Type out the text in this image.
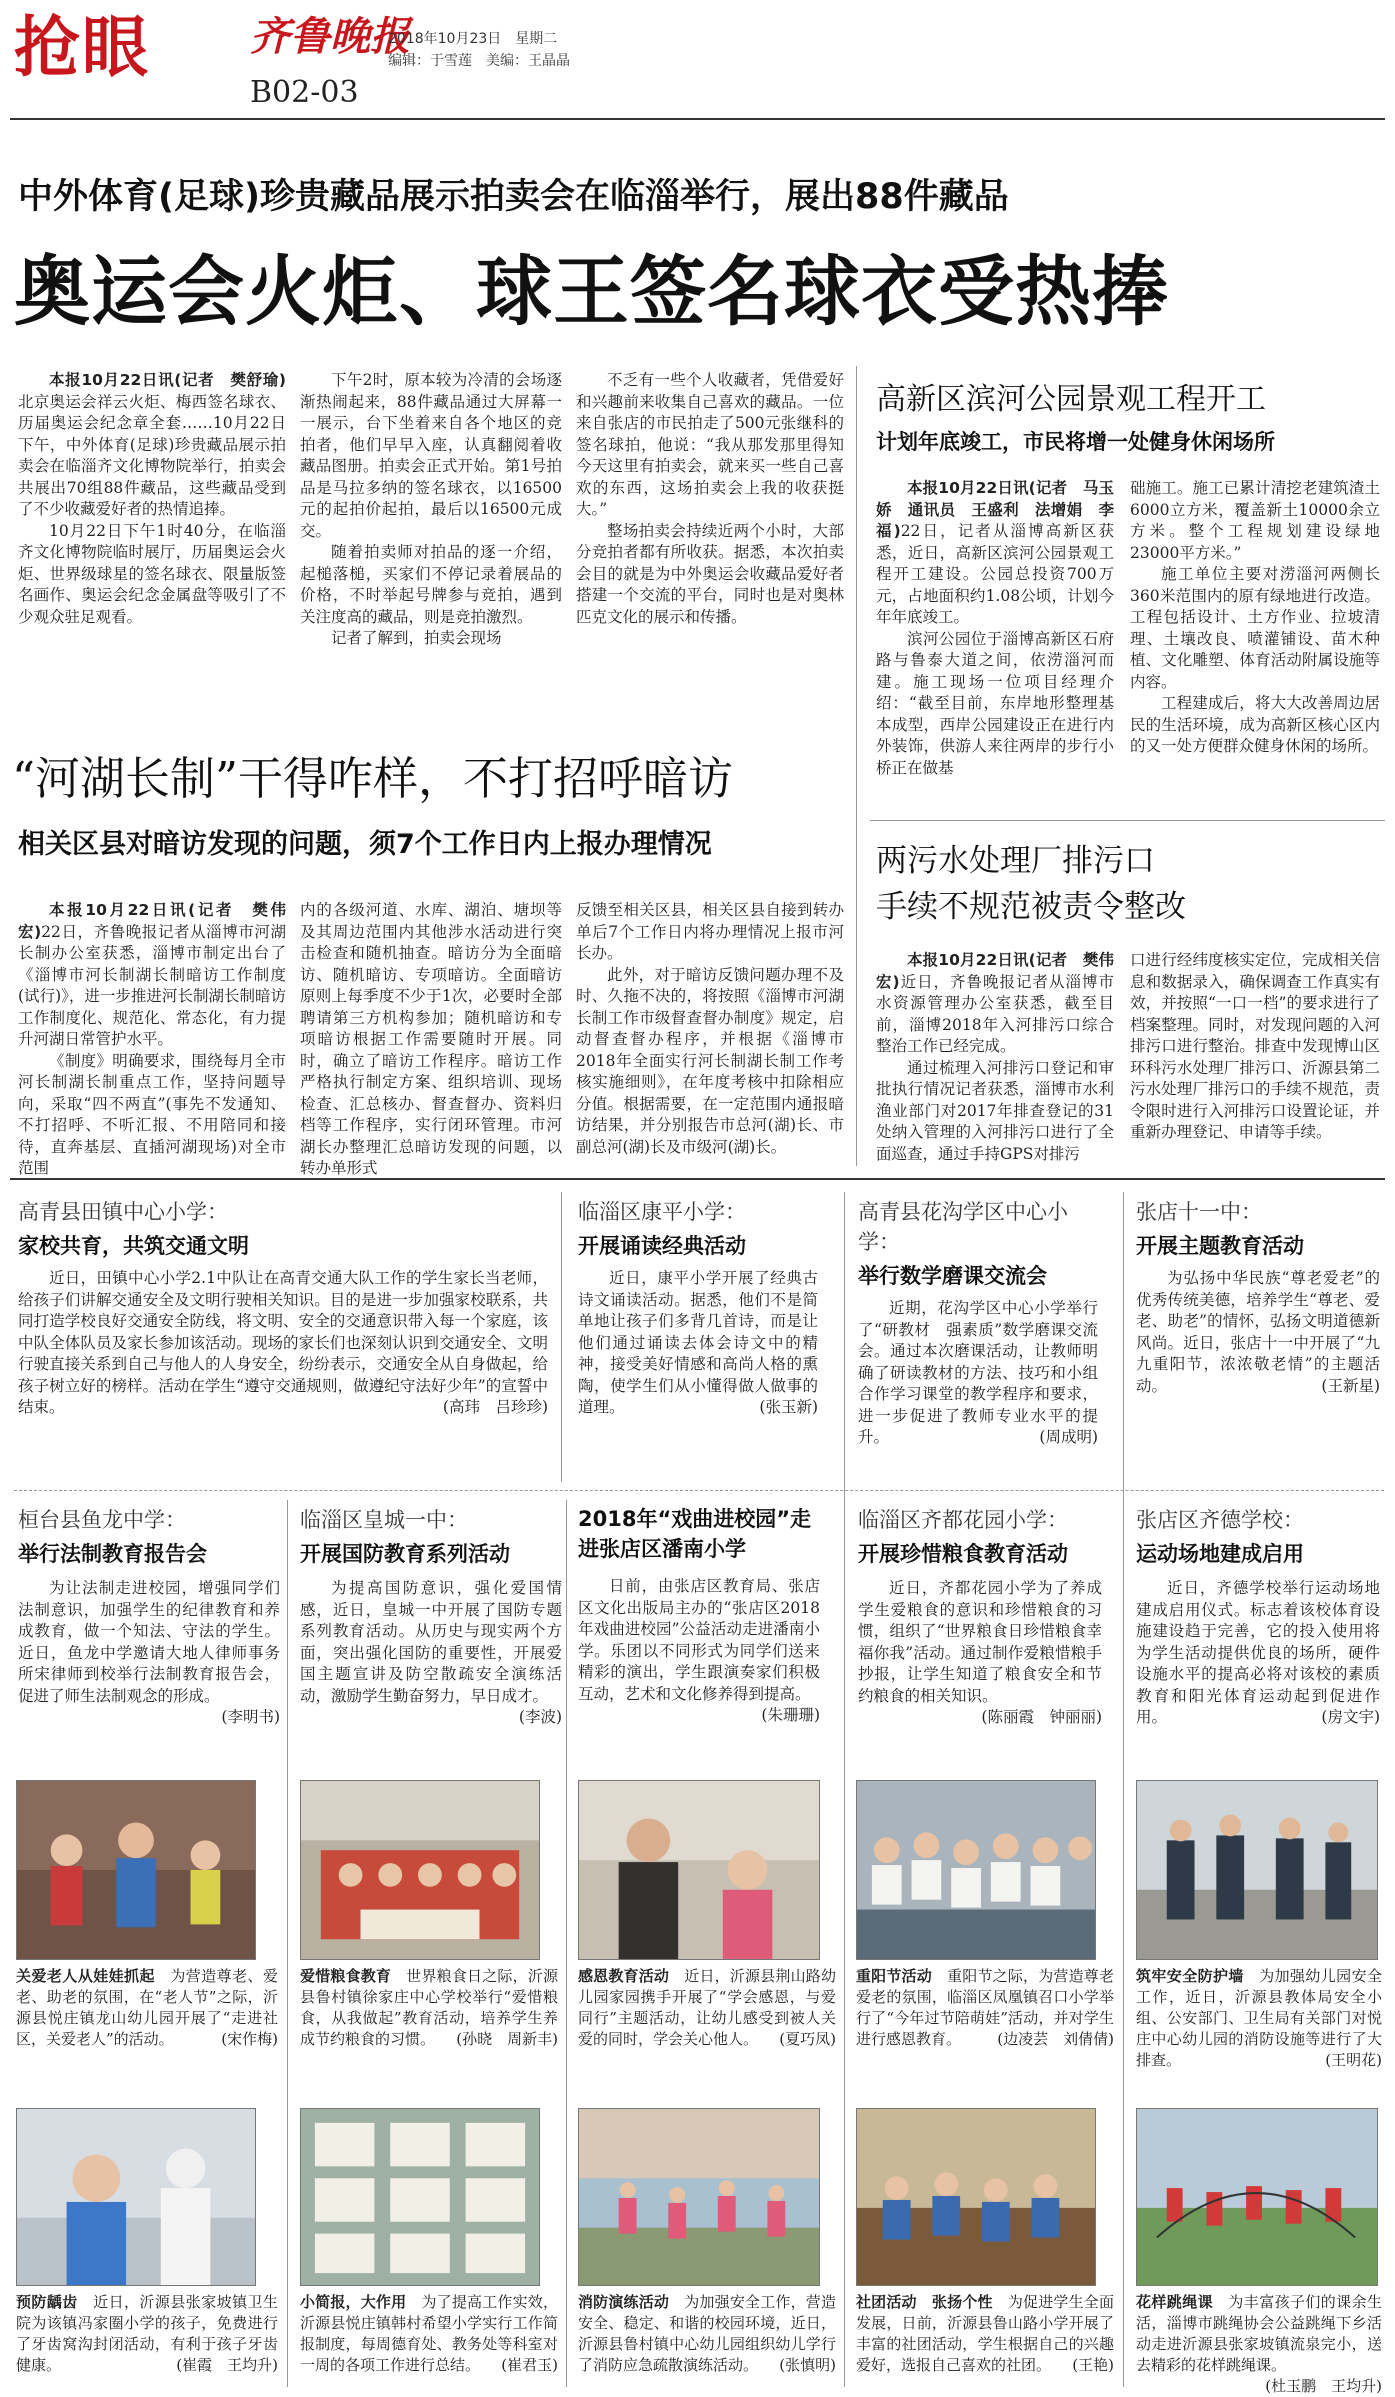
抢眼	齐鲁晚报
B02-03
2018年10月23日　 星期二
编辑：于雪莲　 美编：王晶晶
中外体育(足球)珍贵藏品展示拍卖会在临淄举行，展出88件藏品
奥运会火炬、球王签名球衣受热捧

本报10月22日讯(记者　樊舒瑜)北京奥运会祥云火炬、梅西签名球衣、历届奥运会纪念章全套……10月22日下午，中外体育(足球)珍贵藏品展示拍卖会在临淄齐文化博物院举行，拍卖会共展出70组88件藏品，这些藏品受到了不少收藏爱好者的热情追捧。

10月22日下午1时40分，在临淄齐文化博物院临时展厅，历届奥运会火炬、世界级球星的签名球衣、限量版签名画作、奥运会纪念金属盘等吸引了不少观众驻足观看。

下午2时，原本较为冷清的会场逐渐热闹起来，88件藏品通过大屏幕一一展示，台下坐着来自各个地区的竞拍者，他们早早入座，认真翻阅着收藏品图册。拍卖会正式开始。第1号拍品是马拉多纳的签名球衣，以16500元的起拍价起拍，最后以16500元成交。

随着拍卖师对拍品的逐一介绍，起槌落槌，买家们不停记录着展品的价格，不时举起号牌参与竞拍，遇到关注度高的藏品，则是竞拍激烈。

记者了解到，拍卖会现场

不乏有一些个人收藏者，凭借爱好和兴趣前来收集自己喜欢的藏品。一位来自张店的市民拍走了500元张继科的签名球拍，他说：“我从那发那里得知今天这里有拍卖会，就来买一些自己喜欢的东西，这场拍卖会上我的收获挺大。”

整场拍卖会持续近两个小时，大部分竞拍者都有所收获。据悉，本次拍卖会目的就是为中外奥运会收藏品爱好者搭建一个交流的平台，同时也是对奥林匹克文化的展示和传播。

高新区滨河公园景观工程开工
计划年底竣工，市民将增一处健身休闲场所

本报10月22日讯(记者　马玉娇　通讯员　王盛利　法增娟　李福)22日，记者从淄博高新区获悉，近日，高新区滨河公园景观工程开工建设。公园总投资700万元，占地面积约1.08公顷，计划今年年底竣工。

滨河公园位于淄博高新区石府路与鲁泰大道之间，依涝淄河而建。施工现场一位项目经理介绍：“截至目前，东岸地形整理基本成型，西岸公园建设正在进行内外装饰，供游人来往两岸的步行小桥正在做基

础施工。施工已累计清挖老建筑渣土6000立方米，覆盖新土10000余立方米。整个工程规划建设绿地23000平方米。”

施工单位主要对涝淄河两侧长360米范围内的原有绿地进行改造。工程包括设计、土方作业、拉坡清理、土壤改良、喷灌铺设、苗木种植、文化雕塑、体育活动附属设施等内容。

工程建成后，将大大改善周边居民的生活环境，成为高新区核心区内的又一处方便群众健身休闲的场所。

“河湖长制”干得咋样，不打招呼暗访
相关区县对暗访发现的问题，须7个工作日内上报办理情况

本报10月22日讯(记者　樊伟宏)22日，齐鲁晚报记者从淄博市河湖长制办公室获悉，淄博市制定出台了《淄博市河长制湖长制暗访工作制度(试行)》，进一步推进河长制湖长制暗访工作制度化、规范化、常态化，有力提升河湖日常管护水平。

《制度》明确要求，围绕每月全市河长制湖长制重点工作，坚持问题导向，采取“四不两直”(事先不发通知、不打招呼、不听汇报、不用陪同和接待，直奔基层、直插河湖现场)对全市范围

内的各级河道、水库、湖泊、塘坝等及其周边范围内其他涉水活动进行突击检查和随机抽查。暗访分为全面暗访、随机暗访、专项暗访。全面暗访原则上每季度不少于1次，必要时全部聘请第三方机构参加；随机暗访和专项暗访根据工作需要随时开展。同时，确立了暗访工作程序。暗访工作严格执行制定方案、组织培训、现场检查、汇总核办、督查督办、资料归档等工作程序，实行闭环管理。市河湖长办整理汇总暗访发现的问题，以转办单形式

反馈至相关区县，相关区县自接到转办单后7个工作日内将办理情况上报市河长办。

此外，对于暗访反馈问题办理不及时、久拖不决的，将按照《淄博市河湖长制工作市级督查督办制度》规定，启动督查督办程序，并根据《淄博市2018年全面实行河长制湖长制工作考核实施细则》，在年度考核中扣除相应分值。根据需要，在一定范围内通报暗访结果，并分别报告市总河(湖)长、市副总河(湖)长及市级河(湖)长。

两污水处理厂排污口
手续不规范被责令整改

本报10月22日讯(记者　樊伟宏)近日，齐鲁晚报记者从淄博市水资源管理办公室获悉，截至目前，淄博2018年入河排污口综合整治工作已经完成。

通过梳理入河排污口登记和审批执行情况记者获悉，淄博市水利渔业部门对2017年排查登记的31处纳入管理的入河排污口进行了全面巡查，通过手持GPS对排污

口进行经纬度核实定位，完成相关信息和数据录入，确保调查工作真实有效，并按照“一口一档”的要求进行了档案整理。同时，对发现问题的入河排污口进行整治。排查中发现博山区环科污水处理厂排污口、沂源县第二污水处理厂排污口的手续不规范，责令限时进行入河排污口设置论证，并重新办理登记、申请等手续。

高青县田镇中心小学：
家校共育，共筑交通文明

近日，田镇中心小学2.1中队让在高青交通大队工作的学生家长当老师，给孩子们讲解交通安全及文明行驶相关知识。目的是进一步加强家校联系，共同打造学校良好交通安全防线，将文明、安全的交通意识带入每一个家庭，该中队全体队员及家长参加该活动。现场的家长们也深刻认识到交通安全、文明行驶直接关系到自己与他人的人身安全，纷纷表示，交通安全从自身做起，给孩子树立好的榜样。活动在学生“遵守交通规则，做遵纪守法好少年”的宣誓中结束。	(高玮　吕珍珍)

临淄区康平小学：
开展诵读经典活动

近日，康平小学开展了经典古诗文诵读活动。据悉，他们不是简单地让孩子们多背几首诗，而是让他们通过诵读去体会诗文中的精神，接受美好情感和高尚人格的熏陶，使学生们从小懂得做人做事的道理。	(张玉新)

高青县花沟学区中心小学：
举行数学磨课交流会

近期，花沟学区中心小学举行了“研教材　强素质”数学磨课交流会。通过本次磨课活动，让教师明确了研读教材的方法、技巧和小组合作学习课堂的教学程序和要求，进一步促进了教师专业水平的提升。	(周成明)

张店十一中：
开展主题教育活动

为弘扬中华民族“尊老爱老”的优秀传统美德，培养学生“尊老、爱老、助老”的情怀，弘扬文明道德新风尚。近日，张店十一中开展了“九九重阳节，浓浓敬老情”的主题活动。	(王新星)

桓台县鱼龙中学：
举行法制教育报告会

为让法制走进校园，增强同学们法制意识，加强学生的纪律教育和养成教育，做一个知法、守法的学生。近日，鱼龙中学邀请大地人律师事务所宋律师到校举行法制教育报告会，促进了师生法制观念的形成。
(李明书)

临淄区皇城一中：
开展国防教育系列活动

为提高国防意识，强化爱国情感，近日，皇城一中开展了国防专题系列教育活动。从历史与现实两个方面，突出强化国防的重要性，开展爱国主题宣讲及防空散疏安全演练活动，激励学生勤奋努力，早日成才。
(李波)

2018年“戏曲进校园”走进张店区潘南小学

日前，由张店区教育局、张店区文化出版局主办的“张店区2018年戏曲进校园”公益活动走进潘南小学。乐团以不同形式为同学们送来精彩的演出，学生跟演奏家们积极互动，艺术和文化修养得到提高。
(朱珊珊)

临淄区齐都花园小学：
开展珍惜粮食教育活动

近日，齐都花园小学为了养成学生爱粮食的意识和珍惜粮食的习惯，组织了“世界粮食日珍惜粮食幸福你我”活动。通过制作爱粮惜粮手抄报，让学生知道了粮食安全和节约粮食的相关知识。
(陈丽霞　钟丽丽)

张店区齐德学校：
运动场地建成启用

近日，齐德学校举行运动场地建成启用仪式。标志着该校体育设施建设趋于完善，它的投入使用将为学生活动提供优良的场所，硬件设施水平的提高必将对该校的素质教育和阳光体育运动起到促进作用。	(房文宇)

关爱老人从娃娃抓起　 为营造尊老、爱老、助老的氛围，在“老人节”之际，沂源县悦庄镇龙山幼儿园开展了“走进社区，关爱老人”的活动。	(宋作梅)

爱惜粮食教育　 世界粮食日之际，沂源县鲁村镇徐家庄中心学校举行“爱惜粮食，从我做起”教育活动，培养学生养成节约粮食的习惯。 (孙晓　周新丰)

感恩教育活动　 近日，沂源县荆山路幼儿园家园携手开展了“学会感恩，与爱同行”主题活动，让幼儿感受到被人关爱的同时，学会关心他人。 (夏巧凤)

重阳节活动　 重阳节之际，为营造尊老爱老的氛围，临淄区凤凰镇召口小学举行了“今年过节陪萌娃”活动，并对学生进行感恩教育。 (边凌芸　刘倩倩)

筑牢安全防护墙　 为加强幼儿园安全工作，近日，沂源县教体局安全小组、公安部门、卫生局有关部门对悦庄中心幼儿园的消防设施等进行了大排查。	(王明花)

预防龋齿　 近日，沂源县张家坡镇卫生院为该镇冯家圈小学的孩子，免费进行了牙齿窝沟封闭活动，有利于孩子牙齿健康。	(崔霞　王均升)

小简报，大作用　 为了提高工作实效，沂源县悦庄镇韩村希望小学实行工作简报制度，每周德育处、教务处等科室对一周的各项工作进行总结。 (崔君玉)

消防演练活动　 为加强安全工作，营造安全、稳定、和谐的校园环境，近日，沂源县鲁村镇中心幼儿园组织幼儿学行了消防应急疏散演练活动。 (张慎明)

社团活动　张扬个性　 为促进学生全面发展，日前，沂源县鲁山路小学开展了丰富的社团活动，学生根据自己的兴趣爱好，选报自己喜欢的社团。 (王艳)

花样跳绳课　 为丰富孩子们的课余生活，淄博市跳绳协会公益跳绳下乡活动走进沂源县张家坡镇流泉完小，送去精彩的花样跳绳课。
(杜玉鹏　王均升)
